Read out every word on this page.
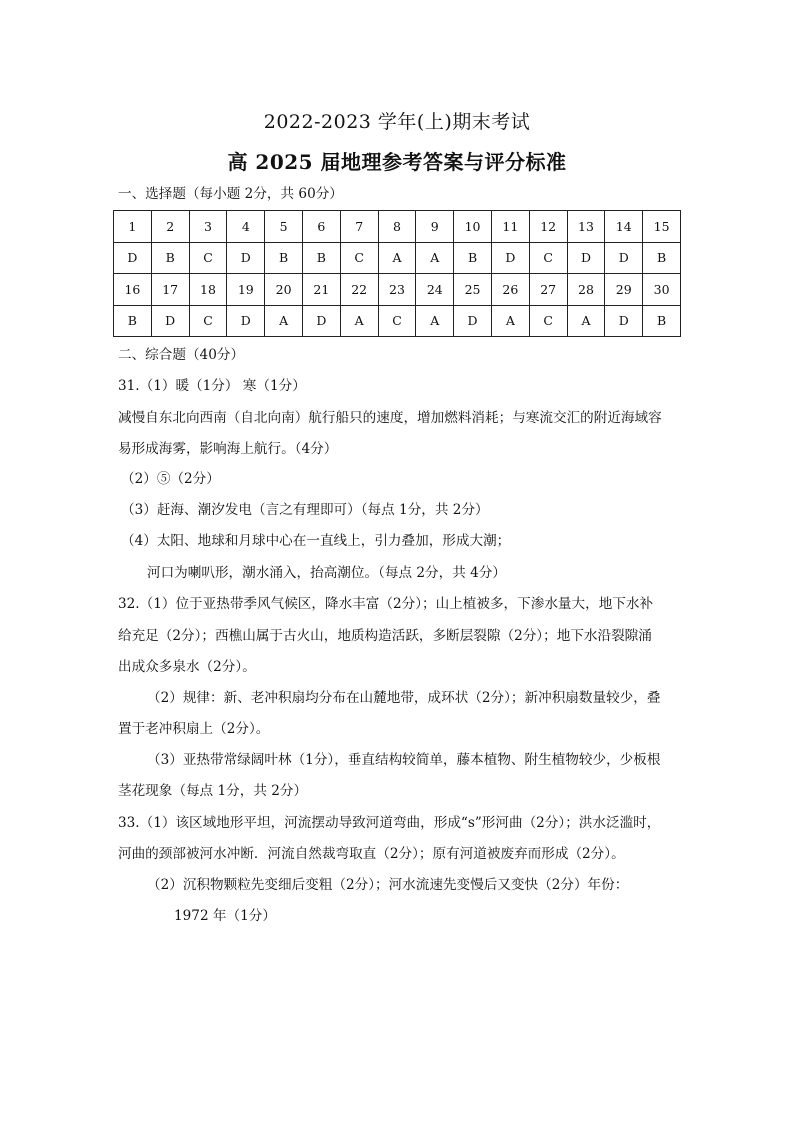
2022-2023 学年(上)期末考试
高 2025 届地理参考答案与评分标准
一、选择题（每小题 2分，共 60分）
1	2	3	4	5	6	7	8	9	10	11	12	13	14	15
D	B	C	D	B	B	C	A	A	B	D	C	D	D	B
16	17	18	19	20	21	22	23	24	25	26	27	28	29	30
B	D	C	D	A	D	A	C	A	D	A	C	A	D	B
二、综合题（40分）
31.（1）暖（1分） 寒（1分）
减慢自东北向西南（自北向南）航行船只的速度，增加燃料消耗；与寒流交汇的附近海域容
易形成海雾，影响海上航行。（4分）
（2）⑤（2分）
（3）赶海、潮汐发电（言之有理即可）（每点 1分，共 2分）
（4）太阳、地球和月球中心在一直线上，引力叠加，形成大潮；
河口为喇叭形，潮水涌入，抬高潮位。（每点 2分，共 4分）
32.（1）位于亚热带季风气候区，降水丰富（2分）；山上植被多，下渗水量大，地下水补
给充足（2分）；西樵山属于古火山，地质构造活跃，多断层裂隙（2分）；地下水沿裂隙涌
出成众多泉水（2分）。
（2）规律：新、老冲积扇均分布在山麓地带，成环状（2分）；新冲积扇数量较少，叠
置于老冲积扇上（2分）。
（3）亚热带常绿阔叶林（1分），垂直结构较简单，藤本植物、附生植物较少，少板根
茎花现象（每点 1分，共 2分）
33.（1）该区域地形平坦，河流摆动导致河道弯曲，形成“s”形河曲（2分）；洪水泛滥时，
河曲的颈部被河水冲断．河流自然裁弯取直（2分）；原有河道被废弃而形成（2分）。
（2）沉积物颗粒先变细后变粗（2分）；河水流速先变慢后又变快（2分）年份：
1972 年（1分）
